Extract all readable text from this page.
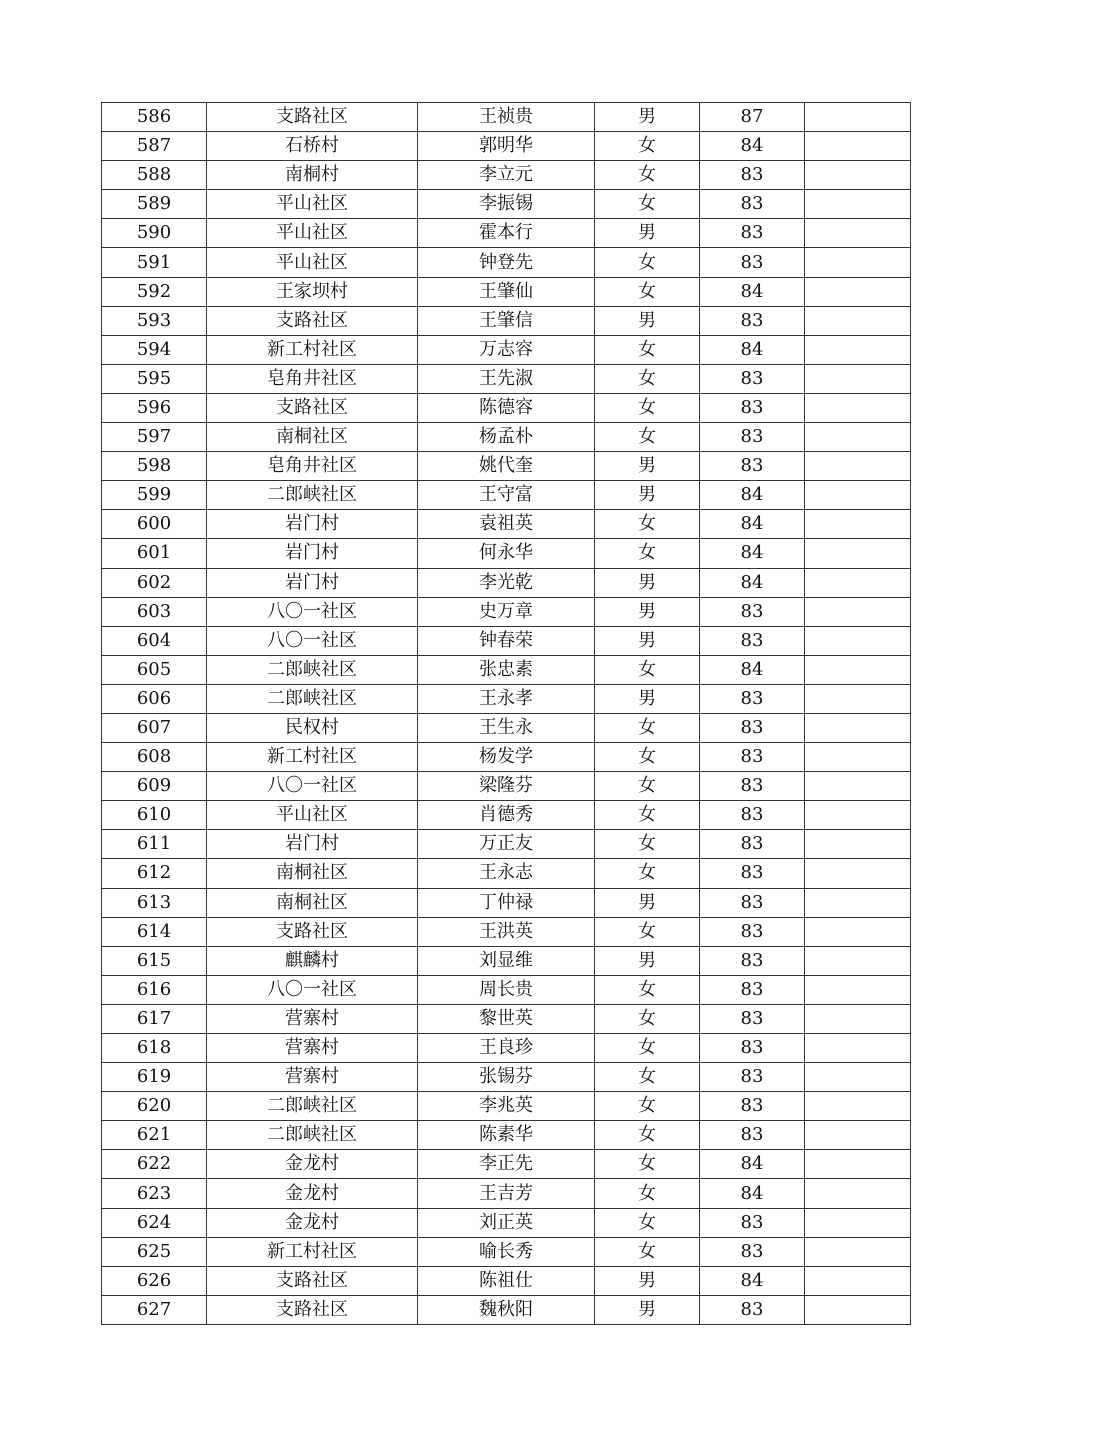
586	支路社区	王祯贵	男	87	
587	石桥村	郭明华	女	84	
588	南桐村	李立元	女	83	
589	平山社区	李振锡	女	83	
590	平山社区	霍本行	男	83	
591	平山社区	钟登先	女	83	
592	王家坝村	王肇仙	女	84	
593	支路社区	王肇信	男	83	
594	新工村社区	万志容	女	84	
595	皂角井社区	王先淑	女	83	
596	支路社区	陈德容	女	83	
597	南桐社区	杨孟朴	女	83	
598	皂角井社区	姚代奎	男	83	
599	二郎峡社区	王守富	男	84	
600	岩门村	袁祖英	女	84	
601	岩门村	何永华	女	84	
602	岩门村	李光乾	男	84	
603	八〇一社区	史万章	男	83	
604	八〇一社区	钟春荣	男	83	
605	二郎峡社区	张忠素	女	84	
606	二郎峡社区	王永孝	男	83	
607	民权村	王生永	女	83	
608	新工村社区	杨发学	女	83	
609	八〇一社区	梁隆芬	女	83	
610	平山社区	肖德秀	女	83	
611	岩门村	万正友	女	83	
612	南桐社区	王永志	女	83	
613	南桐社区	丁仲禄	男	83	
614	支路社区	王洪英	女	83	
615	麒麟村	刘显维	男	83	
616	八〇一社区	周长贵	女	83	
617	营寨村	黎世英	女	83	
618	营寨村	王良珍	女	83	
619	营寨村	张锡芬	女	83	
620	二郎峡社区	李兆英	女	83	
621	二郎峡社区	陈素华	女	83	
622	金龙村	李正先	女	84	
623	金龙村	王吉芳	女	84	
624	金龙村	刘正英	女	83	
625	新工村社区	喻长秀	女	83	
626	支路社区	陈祖仕	男	84	
627	支路社区	魏秋阳	男	83	
